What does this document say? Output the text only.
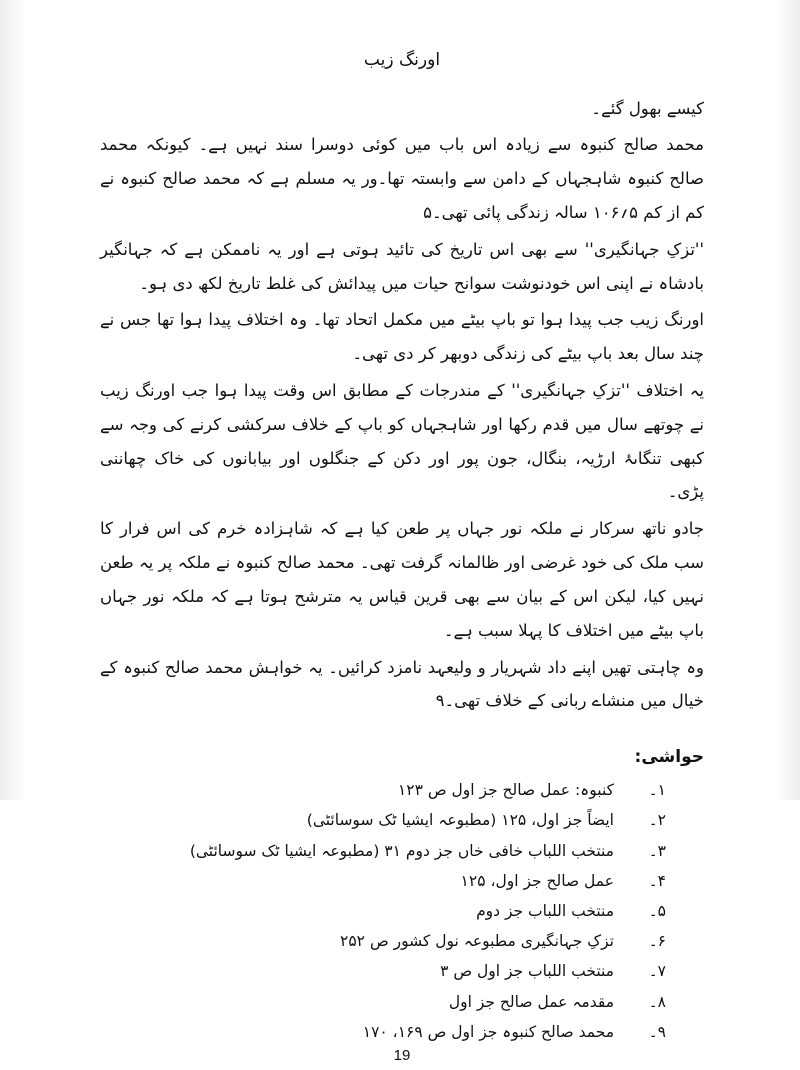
اورنگ زیب

کیسے بھول گئے۔

محمد صالح کنبوہ سے زیادہ اس باب میں کوئی دوسرا سند نہیں ہے۔ کیونکہ محمد صالح کنبوہ شاہجہاں کے دامن سے وابستہ تھا۔ور یہ مسلم ہے کہ محمد صالح کنبوہ نے کم از کم ۵؍۱۰۶ سالہ زندگی پائی تھی۔۵

''تزکِ جہانگیری'' سے بھی اس تاریخ کی تائید ہوتی ہے اور یہ ناممکن ہے کہ جہانگیر بادشاہ نے اپنی اس خودنوشت سوانح حیات میں پیدائش کی غلط تاریخ لکھ دی ہو۔

اورنگ زیب جب پیدا ہوا تو باپ بیٹے میں مکمل اتحاد تھا۔ وہ اختلاف پیدا ہوا تھا جس نے چند سال بعد باپ بیٹے کی زندگی دوبھر کر دی تھی۔

یہ اختلاف ''تزکِ جہانگیری'' کے مندرجات کے مطابق اس وقت پیدا ہوا جب اورنگ زیب نے چوتھے سال میں قدم رکھا اور شاہجہاں کو باپ کے خلاف سرکشی کرنے کی وجہ سے کبھی تنگاںۂ ارڑیہ، بنگال، جون پور اور دکن کے جنگلوں اور بیابانوں کی خاک چھاننی پڑی۔

جادو ناتھ سرکار نے ملکہ نور جہاں پر طعن کیا ہے کہ شاہزادہ خرم کی اس فرار کا سب ملک کی خود غرضی اور ظالمانہ گرفت تھی۔ محمد صالح کنبوہ نے ملکہ پر یہ طعن نہیں کیا، لیکن اس کے بیان سے بھی قرین قیاس یہ مترشح ہوتا ہے کہ ملکہ نور جہاں باپ بیٹے میں اختلاف کا پہلا سبب ہے۔

وہ چاہتی تھیں اپنے داد شہریار و ولیعہد نامزد کرائیں۔ یہ خواہش محمد صالح کنبوہ کے خیال میں منشاے ربانی کے خلاف تھی۔۹

حواشی:
۱۔
کنبوہ: عمل صالح جز اول ص ۱۲۳
۲۔
ایضاً جز اول، ۱۲۵ (مطبوعہ ایشیا ٹک سوسائٹی)
۳۔
منتخب اللباب خافی خاں جز دوم ۳۱ (مطبوعہ ایشیا ٹک سوسائٹی)
۴۔
عمل صالح جز اول، ۱۲۵
۵۔
منتخب اللباب جز دوم
۶۔
تزکِ جہانگیری مطبوعہ نول کشور ص ۲۵۲
۷۔
منتخب اللباب جز اول ص ۳
۸۔
مقدمہ عمل صالح جز اول
۹۔
محمد صالح کنبوہ جز اول ص ۱۶۹، ۱۷۰
19
